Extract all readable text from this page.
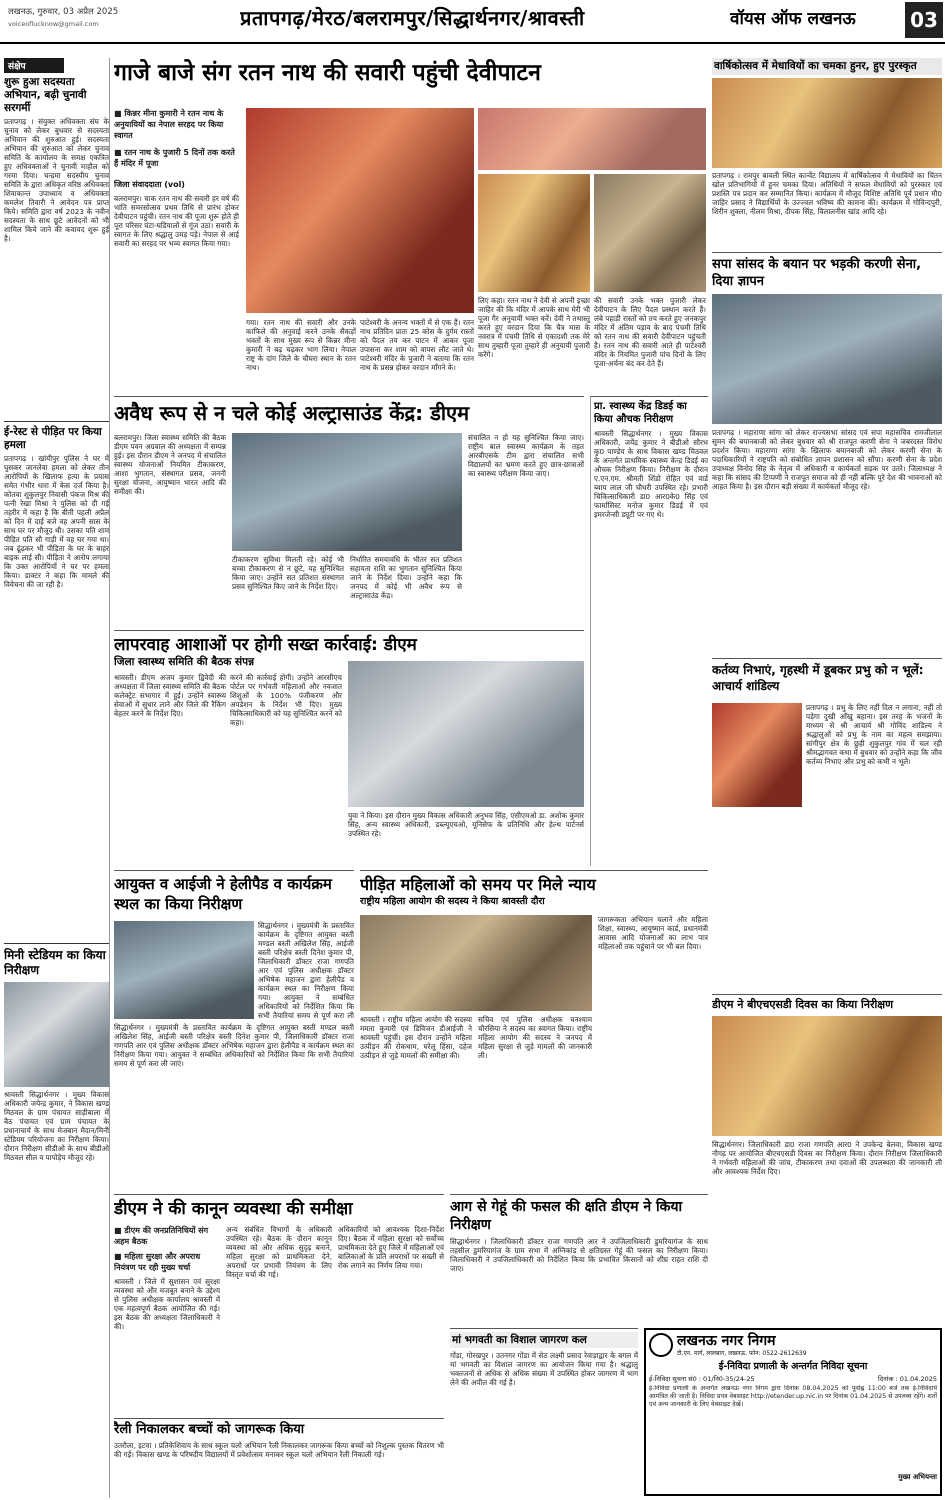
लखनऊ, गुरुवार, 03 अप्रैल 2025
voiceoflucknow@gmail.com	प्रतापगढ़/मेरठ/बलरामपुर/सिद्धार्थनगर/श्रावस्ती	वॉयस ऑफ लखनऊ	03
संक्षेप
शुरू हुआ सदस्यता अभियान, बढ़ी चुनावी सरगर्मी
प्रतापगढ़ । संयुक्त अधिवक्ता संघ के चुनाव को लेकर बुधवार से सदस्यता अभियान की शुरुआत हुई। सदस्यता अभियान की शुरुआत को लेकर चुनाव समिति के कार्यालय के समक्ष एकत्रित हुए अधिवक्ताओं ने चुनावी माहौल को गरमा दिया। चन्द्रमा सदस्यीय चुनाव समिति के द्वारा अधिकृत वरिष्ठ अधिवक्ता शिवाकान्त उपाध्याय व अधिवक्ता कमलेश तिवारी ने आवेदन पत्र प्राप्त किये। समिति द्वारा वर्ष 2023 के नवीन सदस्यता के साथ छूटे आवेदनों को भी शामिल किये जाने की कवायद शुरू हुई है।
ई-रेस्ट से पीड़ित पर किया हमला
प्रतापगढ़ । खांयीपुर पुलिस ने घर में घुसकर जानलेवा हमला को लेकर तीन आरोपियों के खिलाफ हत्या के प्रयास समेत गंभीर धारा में केस दर्ज किया है। कोतवा शुकुलपुर निवासी पंकज मिश्र की पत्नी रेखा मिश्रा ने पुलिस को दी गई तहरीर में कहा है कि बीती पहली अप्रैल को दिन में दाई बजे वह अपनी सास के साथ घर पर मौजूद थी। उसका पति शाम पीड़ित पति सौ गाड़ी में वह घर गया था। जब ढूंढ़कर भी पीड़िता के घर के बाहर बाइक लाई सी। पीड़िता ने आरोप लगाया कि उक्त आरोपियों ने घर पर हमला किया। डाक्टर ने कहा कि मामले की विवेचना की जा रही है।
मिनी स्टेडियम का किया निरीक्षण
श्रावस्ती सिद्धार्थनगर । मुख्य विकास अधिकारी जयेन्द्र कुमार, ने विकास खण्ड मिठवल के ग्राम पंचायत साड़ीबाला में बैठ पंचायत एवं ग्राम पंचायत के प्रधानाचार्य के साथ मेजबान मैदान/मिनी स्टेडियम परियोजना का निरीक्षण किया। दौरान निरीक्षण सीडीओ के साथ बीडीओ मिठवल सील व पापोड़ेय मौजूद रहे।
गाजे बाजे संग रतन नाथ की सवारी पहुंची देवीपाटन
■ किन्नर मीना कुमारी ने रतन नाथ के अनुयायियों का नेपाल सरहद पर किया स्वागत
■ रतन नाथ के पुजारी 5 दिनों तक करते हैं मंदिर में पूजा
जिला संवाददाता (vol)
बलरामपुर। चाक रतन नाथ की सवारी हर वर्ष की भांति समरसोत्सव प्रथम तिथि से प्रारंभ होकर देवीपाटन पहुंची। रतन नाथ की पूजा शुरू होते ही पूरा परिसर घंटा-घडियालों से गूंज उठा। सवारी के स्वागत के लिए श्रद्धालु उमड़ पड़े। नेपाल से आई सवारी का सरहद पर भव्य स्वागत किया गया।
गया। रतन नाथ की सवारी और उनके काफिले की अनुवाई करने उनके सैकड़ों भक्तों के साथ मुख्य रूप से किन्नर मीना कुमारी ने बढ़ चढ़कर भाग लिया। नेपाल राष्ट्र के दांग जिले के चौघरा स्थान के रतन नाथ।
पाटेश्वरी के अनन्य भक्तों में से एक हैं। रतन नाथ प्रतिदिन प्रातः 25 कोस के दुर्गम रास्तों को पैदल तय कर पाटन में आकर पूजा उपासना कर शाम को वापस लौट जाते थे। पाटेश्वरी मंदिर के पुजारी ने बताया कि रतन नाथ के प्रसन्न होकर वरदान माँगने के।
लिए कहा। रतन नाथ ने देवी से अपनी इच्छा जाहिर की कि मंदिर में आपके साथ मेरी भी पूजा गैर अनुयायी भक्त करें। देवी ने तथास्तु करते हुए वरदान दिया कि चैत्र मास के नवरात्र में पंचमी तिथि से एकादशी तक मेरे साथ तुम्हारी पूजा तुम्हारे ही अनुयायी पुजारी करेंगे।
की सवारी उनके भक्त पुजारी लेकर देवीपाटन के लिए पैदल प्रस्थान करते हैं। लंबे पहाड़ी रास्तों को तय करते हुए जनकपुर मंदिर में अंतिम पड़ाव के बाद पंचमी तिथि को रतन नाथ की सवारी देवीपाटन पहुंचती है। रतन नाथ की सवारी आते ही पाटेश्वरी मंदिर के नियमित पुजारी पांच दिनों के लिए पूजा-अर्चना बंद कर देते हैं।
वार्षिकोत्सव में मेधावियों का चमका हुनर, हुए पुरस्कृत
प्रतापगढ़ । रामपुर बावली स्थित कान्वेंट विद्यालय में वार्षिकोत्सव में मेधावियों का चिंतन खोल प्रतिभागियों में हुनर चमका दिया। अतिथियों ने सफल मेधावियों को पुरस्कार एवं प्रशस्ति पत्र प्रदान कर सम्मानित किया। कार्यक्रम में मौजूद विशिष्ट अतिथि पूर्व प्रधान मौ0 जाहिर प्रसाद ने विद्यार्थियों के उज्ज्वल भविष्य की कामना की। कार्यक्रम में गोविन्दपुरी, शिरीन शुक्ला, नीलम मिश्रा, दीपक सिंह, विलालनीस खांड आदि रहे।
सपा सांसद के बयान पर भड़की करणी सेना, दिया ज्ञापन
प्रतापगढ़ । महाराणा सांगा को लेकर राज्यसभा सांसद एवं सपा महासचिव रामजीलाल सुमन की बयानबाजी को लेकर बुधवार को श्री राजपूत करणी सेना ने जबरदस्त विरोध प्रदर्शन किया। महाराणा सांगा के खिलाफ बयानबाजी को लेकर करणी सेना के पदाधिकारियों ने राष्ट्रपति को संबोधित ज्ञापन प्रशासन को सौंपा। करणी सेना के प्रदेश उपाध्यक्ष विनोद सिंह के नेतृत्व में अधिकारी व कार्यकर्ता सड़क पर उतरे। जिलाध्यक्ष ने कहा कि सांसद की टिप्पणी ने राजपूत समाज को ही नहीं बल्कि पूरे देश की भावनाओं को आहत किया है। इस दौरान बड़ी संख्या में कार्यकर्ता मौजूद रहे।
कर्तव्य निभाएं, गृहस्थी में डूबकर प्रभु को न भूलें: आचार्य शांडिल्य
प्रतापगढ़ । प्रभु के लिए नहीं दिल न लगाना, नहीं तो पड़ेगा दुखी आँखु बहाना। इस तरह के भजनों के माध्यम से श्री आचार्य श्री गोविंद शाडिल्य ने श्रद्धालुओं को प्रभु के नाम का महत्व समझाया। सांगीपुर क्षेत्र के छुही शुकुलपुर गांव में चल रही श्रीमद्भागवत कथा में बुधवार को उन्होंने कहा कि जीव कर्तव्य निभाए और प्रभु को कभी न भूले।
डीएम ने बीएचएसडी दिवस का किया निरीक्षण
सिद्धार्थनगर। जिलाधिकारी डा0 राजा गणपति आर0 ने उपकेन्द्र बेलवा, विकास खण्ड नौगढ़ पर आयोजित बीएचएसडी दिवस का निरीक्षण किया। दौरान निरीक्षण जिलाधिकारी ने गर्भवती महिलाओं की जांच, टीकाकरण तथा दवाओं की उपलब्धता की जानकारी ली और आवश्यक निर्देश दिए।
अवैध रूप से न चले कोई अल्ट्रासाउंड केंद्र: डीएम
बलरामपुर। जिला स्वास्थ्य समिति की बैठक डीएम पवन अग्रवाल की अध्यक्षता में सम्पन्न हुई। इस दौरान डीएम ने जनपद में संचालित स्वास्थ्य योजनाओं नियमित टीकाकरण, आशा भुगतान, संस्थागत प्रसव, जननी सुरक्षा योजना, आयुष्मान भारत आदि की समीक्षा की।
टीकाकरण सुविधा मिलती रहे। कोई भी बच्चा टीकाकरण से न छूटे, यह सुनिश्चित किया जाए। उन्होंने सत प्रतिशत संस्थागत प्रसव सुनिश्चित किए जाने के निर्देश दिए।
निर्धारित समयावधि के भीतर सत प्रतिशत सहायता राशि का भुगतान सुनिश्चित किया जाने के निर्देश दिया। उन्होंने कहा कि जनपद में कोई भी अवैध रूप से अल्ट्रासाउंड केंद्र।
संचालित न हो यह सुनिश्चित किया जाए। राष्ट्रीय बाल स्वास्थ्य कार्यक्रम के तहत आरबीएसके टीम द्वारा संचालित सभी विद्यालयों का भ्रमण करते हुए छात्र-छात्राओं का स्वास्थ्य परीक्षण किया जाए।
प्रा. स्वास्थ्य केंद्र डिडई का किया औचक निरीक्षण
श्रावस्ती सिद्धार्थनगर । मुख्य विकास अधिकारी, जयेंद्र कुमार ने बीडीओ सौरभ कु0 पाण्डेय के साथ विकास खण्ड मिठवल के अन्तर्गत प्राथमिक स्वास्थ्य केन्द्र डिडई का औचक निरीक्षण किया। निरीक्षण के दौरान ए.एन.एम. श्रीमती शिंडो रोहित एवं वार्ड ब्वाय लाल जी चौधरी उपस्थित रहे। प्रभारी चिकित्साधिकारी डा0 आर0के0 सिंह एवं फार्मासिस्ट मनोज कुमार डिडई में एवं इमरजेन्सी ड्यूटी पर गए थे।
लापरवाह आशाओं पर होगी सख्त कार्रवाई: डीएम
जिला स्वास्थ्य समिति की बैठक संपन्न
श्रावस्ती। डीएम अजय कुमार द्विवेदी की अध्यक्षता में जिला स्वास्थ्य समिति की बैठक कलेक्ट्रेट सभागार में हुई। उन्होंने स्वास्थ्य सेवाओं में सुधार लाने और जिले की रैंकिंग बेहतर करने के निर्देश दिए।
करने की कार्रवाई होगी। उन्होंने आरसीएच पोर्टल पर गर्भवती महिलाओं और नवजात शिशुओं के 100% पंजीकरण और अपडेशन के निर्देश भी दिए। मुख्य चिकित्साधिकारी को यह सुनिश्चित करने को कहा।
युवा ने किया। इस दौरान मुख्य विकास अधिकारी अनुभव सिंह, एसीएमओ डा. अशोक कुमार सिंह, अन्य स्वास्थ्य अधिकारी, डब्ल्यूएचओ, यूनिसेफ के प्रतिनिधि और हेल्थ पार्टनर्स उपस्थित रहे।
आयुक्त व आईजी ने हेलीपैड व कार्यक्रम स्थल का किया निरीक्षण
सिद्धार्थनगर । मुख्यमंत्री के प्रस्तावित कार्यक्रम के दृष्टिगत आयुक्त बस्ती मण्डल बस्ती अखिलेश सिंह, आईजी बस्ती परिक्षेत्र बस्ती दिनेश कुमार पी, जिलाधिकारी डॉक्टर राजा गणपति आर एवं पुलिस अधीक्षक डॉक्टर अभिषेक महाजन द्वारा हेलीपैड व कार्यक्रम स्थल का निरीक्षण किया गया। आयुक्त ने सम्बंधित अधिकारियों को निर्देशित किया कि सभी तैयारियां समय से पूर्ण करा ली
सिद्धार्थनगर । मुख्यमंत्री के प्रस्तावित कार्यक्रम के दृष्टिगत आयुक्त बस्ती मण्डल बस्ती अखिलेश सिंह, आईजी बस्ती परिक्षेत्र बस्ती दिनेश कुमार पी, जिलाधिकारी डॉक्टर राजा गणपति आर एवं पुलिस अधीक्षक डॉक्टर अभिषेक महाजन द्वारा हेलीपैड व कार्यक्रम स्थल का निरीक्षण किया गया। आयुक्त ने सम्बंधित अधिकारियों को निर्देशित किया कि सभी तैयारियां समय से पूर्ण करा ली जाएं।
पीड़ित महिलाओं को समय पर मिले न्याय
राष्ट्रीय महिला आयोग की सदस्य ने किया श्रावस्ती दौरा
श्रावस्ती । राष्ट्रीय महिला आयोग की सदस्या ममता कुमारी एवं डिविजन डीआईजी ने श्रावस्ती पहुंचीं। इस दौरान उन्होंने महिला उत्पीड़न की रोकथाम, घरेलू हिंसा, दहेज उत्पीड़न से जुड़े मामलों की समीक्षा की।
सचिव एवं पुलिस अधीक्षक घनश्याम चौरसिया ने सदस्य का स्वागत किया। राष्ट्रीय महिला आयोग की सदस्य ने जनपद में महिला सुरक्षा से जुड़े मामलों की जानकारी ली।
जागरूकता अभियान चलाने और महिला शिक्षा, स्वास्थ्य, आयुष्मान कार्ड, प्रधानमंत्री आवास आदि योजनाओं का लाभ पात्र महिलाओं तक पहुंचाने पर भी बल दिया।
डीएम ने की कानून व्यवस्था की समीक्षा
■ डीएम की जनप्रतिनिधियों संग अहम बैठक
■ महिला सुरक्षा और अपराध नियंत्रण पर रही मुख्य चर्चा
श्रावस्ती । जिले में सुशासन एवं सुरक्षा व्यवस्था को और मजबूत बनाने के उद्देश्य से पुलिस अधीक्षक कार्यालय श्रावस्ती में एक महत्वपूर्ण बैठक आयोजित की गई। इस बैठक की अध्यक्षता जिलाधिकारी ने की।
अन्य संबंधित विभागों के अधिकारी उपस्थित रहे। बैठक के दौरान कानून व्यवस्था को और अधिक सुदृढ़ बनाने, महिला सुरक्षा को प्राथमिकता देने, अपराधों पर प्रभावी नियंत्रण के लिए विस्तृत चर्चा की गई।
अधिकारियों को आवश्यक दिशा-निर्देश दिए। बैठक में महिला सुरक्षा को सर्वोच्च प्राथमिकता देते हुए जिले में महिलाओं एवं बालिकाओं के प्रति अपराधों पर सख्ती से रोक लगाने का निर्णय लिया गया।
आग से गेहूं की फसल की क्षति डीएम ने किया निरीक्षण
सिद्धार्थनगर । जिलाधिकारी डॉक्टर राजा गणपति आर ने उपजिलाधिकारी डुमरियागंज के साथ तहसील डुमरियागंज के ग्राम सभा में अग्निकांड से क्षतिग्रस्त गेहूं की फसल का निरीक्षण किया। जिलाधिकारी ने उपजिलाधिकारी को निर्देशित किया कि प्रभावित किसानों को शीघ्र राहत राशि दी जाए।
मां भगवती का विशाल जागरण कल
गोंडा, गोरखपुर । उतनगर गोंडा में सेठ लक्ष्मी प्रसाद रेवाड़ाद्वार के बगल में मां भगवती का विशाल जागरण का आयोजन किया गया है। श्रद्धालु भक्तजनों से अधिक से अधिक संख्या में उपस्थित होकर जागरण में भाग लेने की अपील की गई है।
रैली निकालकर बच्चों को जागरूक किया
उतरौला, इटवा । प्रतिकेशिवाय के साथ स्कूल चलो अभियान रैली निकालकर जागरूक किया बच्चों को निशुल्क पुस्तक वितरण भी की गई। विकास खण्ड के परिषदीय विद्यालयों में प्रवेशोत्सव मनाकर स्कूल चलो अभियान रैली निकाली गई।
लखनऊ नगर निगम
टी.एन. मार्ग, लालबाग, लखनऊ, फोन: 0522-2612639
ई-निविदा प्रणाली के अन्तर्गत निविदा सूचना
ई-निविदा सूचना सं0 : 01/नि0-35/24-25	दिनांक : 01.04.2025
ई-निविदा प्रणाली के अन्तर्गत लखनऊ नगर निगम द्वारा दिनांक 08.04.2025 को पूर्वाह्न 11:00 बजे तक ई-निविदायें आमंत्रित की जाती है। निविदा प्रपत्र वेबसाइट http://etender.up.nic.in पर दिनांक 01.04.2025 से उपलब्ध रहेंगे। शर्तों एवं अन्य जानकारी के लिए वेबसाइट देखें।
मुख्य अभियन्ता
